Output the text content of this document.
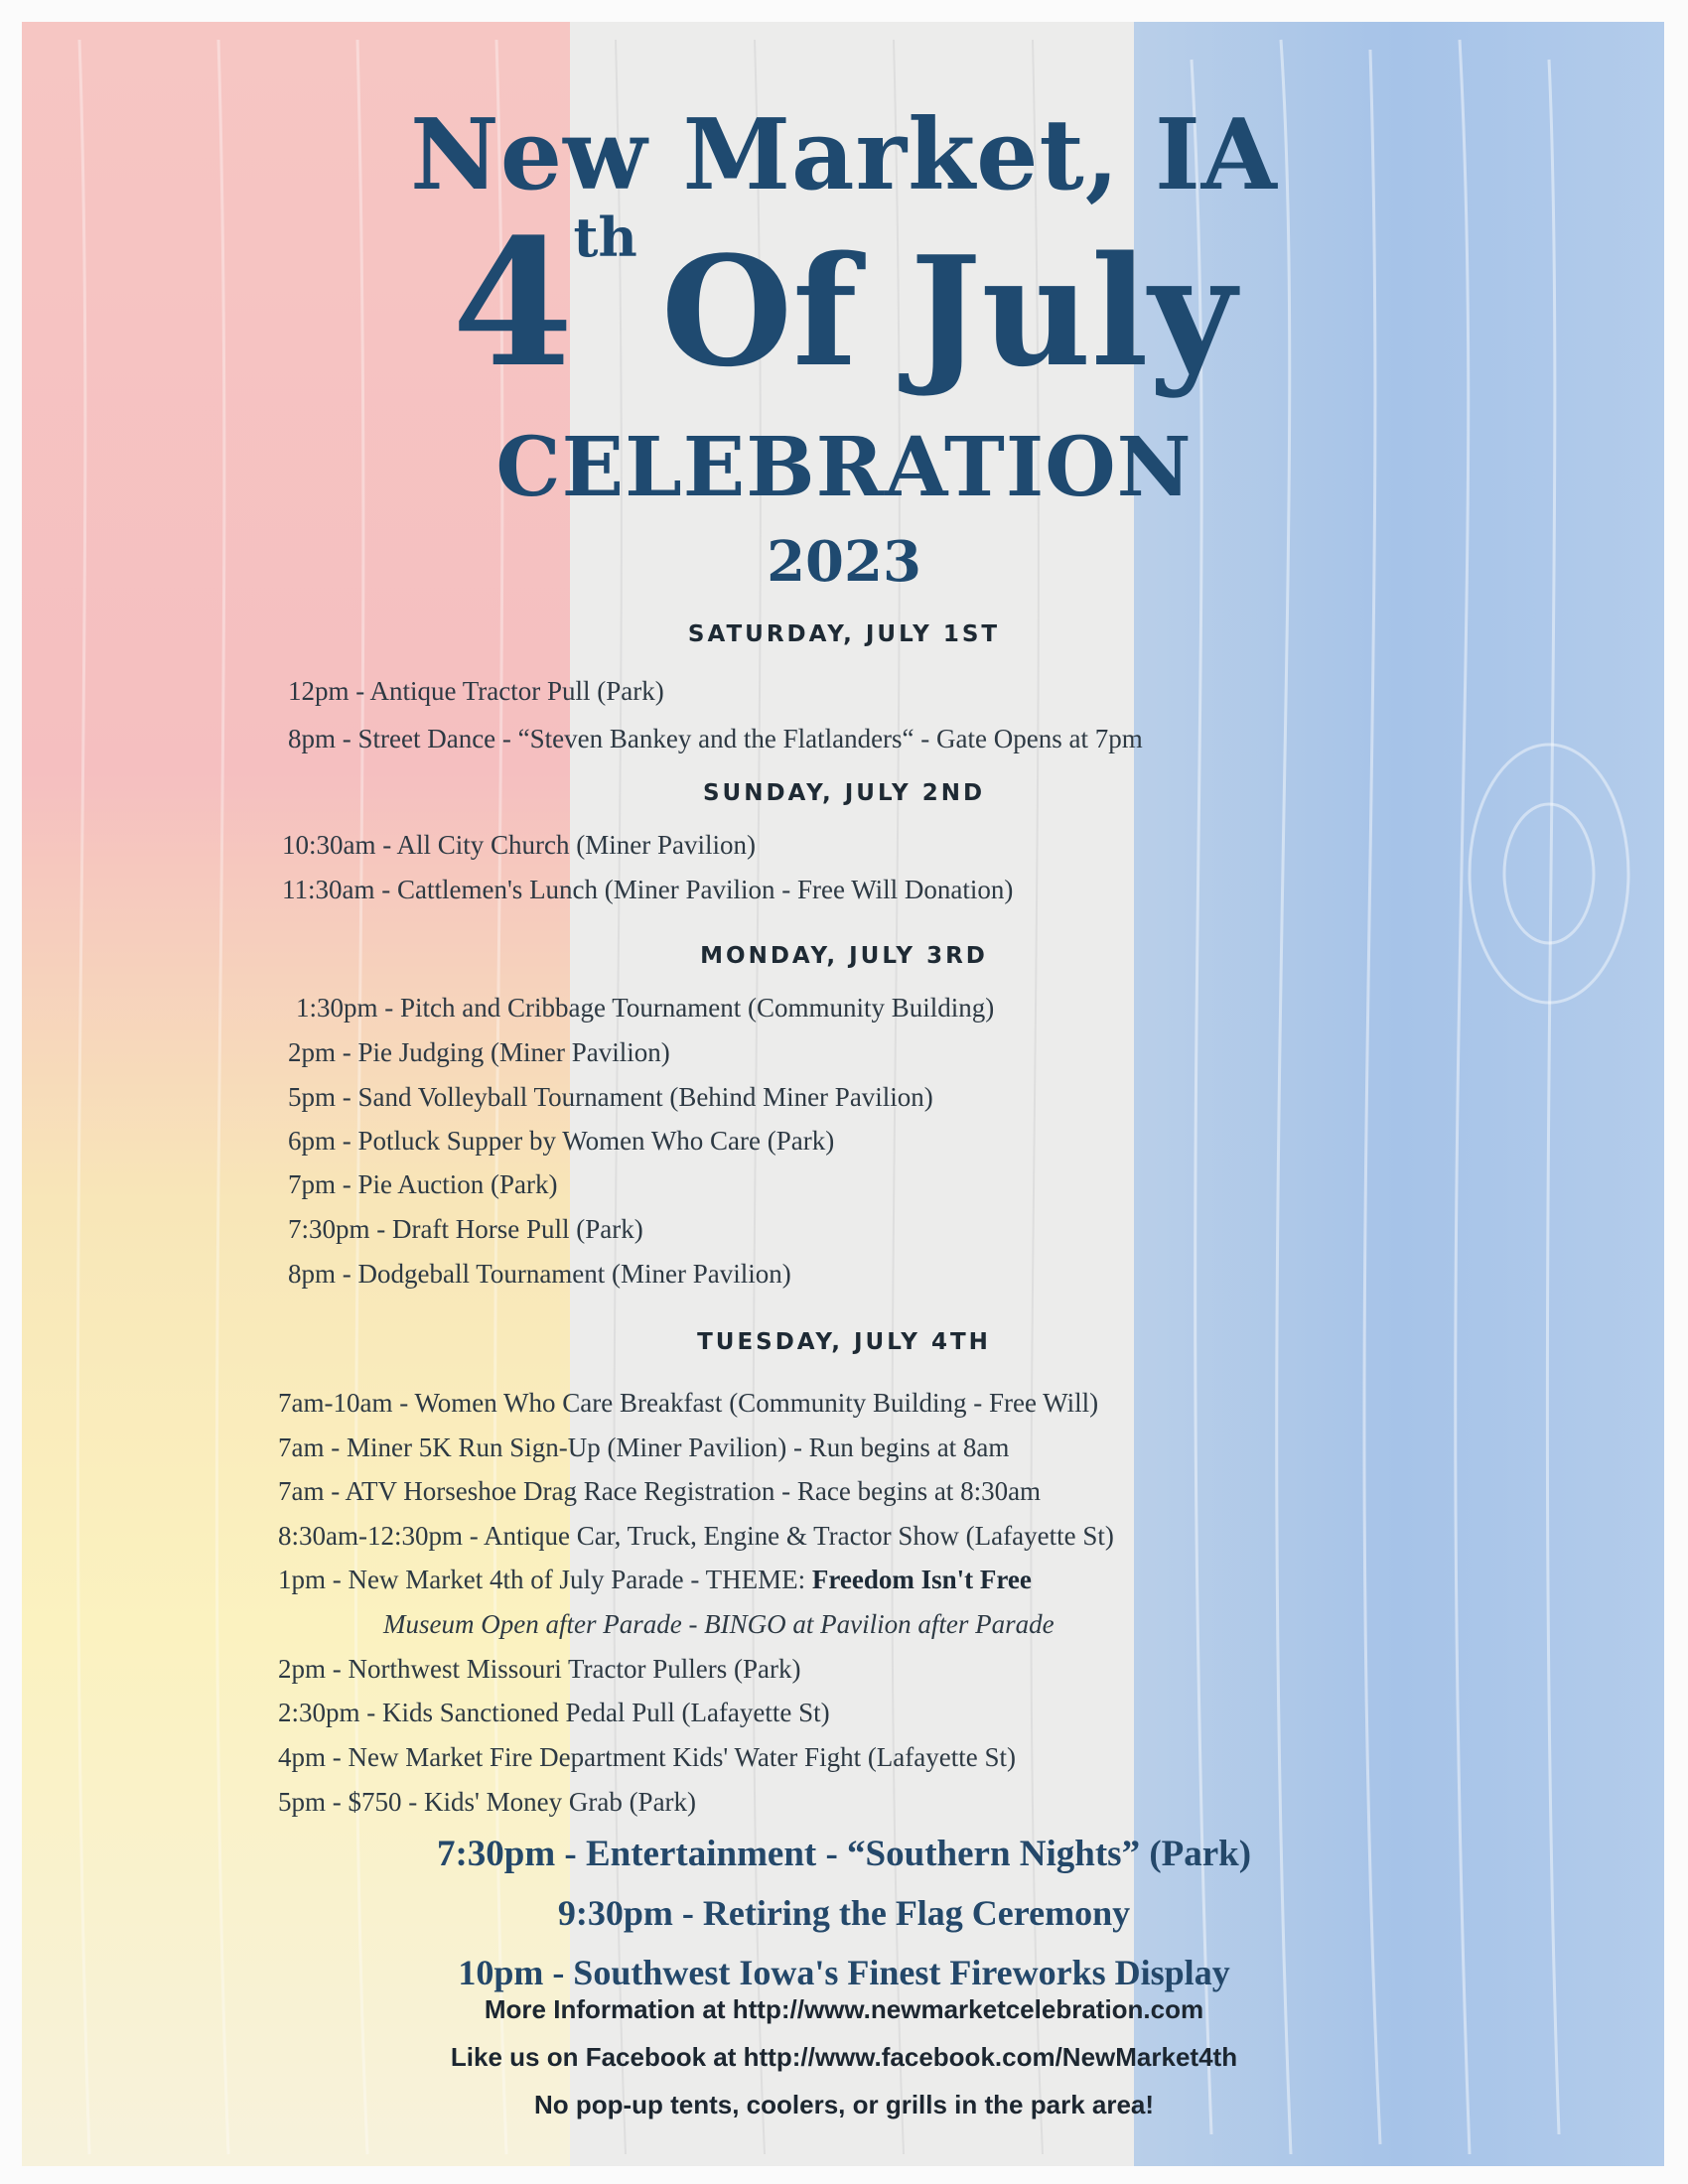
New Market, IA
4th Of July
CELEBRATION
2023
SATURDAY, JULY 1ST
12pm - Antique Tractor Pull (Park)
8pm - Street Dance - “Steven Bankey and the Flatlanders“ - Gate Opens at 7pm
SUNDAY, JULY 2ND
10:30am - All City Church (Miner Pavilion)
11:30am - Cattlemen's Lunch (Miner Pavilion - Free Will Donation)
MONDAY, JULY 3RD
1:30pm - Pitch and Cribbage Tournament (Community Building)
2pm - Pie Judging (Miner Pavilion)
5pm - Sand Volleyball Tournament (Behind Miner Pavilion)
6pm - Potluck Supper by Women Who Care (Park)
7pm - Pie Auction (Park)
7:30pm - Draft Horse Pull (Park)
8pm - Dodgeball Tournament (Miner Pavilion)
TUESDAY, JULY 4TH
7am-10am - Women Who Care Breakfast (Community Building - Free Will)
7am - Miner 5K Run Sign-Up (Miner Pavilion) - Run begins at 8am
7am - ATV Horseshoe Drag Race Registration - Race begins at 8:30am
8:30am-12:30pm - Antique Car, Truck, Engine & Tractor Show (Lafayette St)
1pm - New Market 4th of July Parade - THEME: Freedom Isn't Free
Museum Open after Parade - BINGO at Pavilion after Parade
2pm - Northwest Missouri Tractor Pullers (Park)
2:30pm - Kids Sanctioned Pedal Pull (Lafayette St)
4pm - New Market Fire Department Kids' Water Fight (Lafayette St)
5pm - $750 - Kids' Money Grab (Park)
7:30pm - Entertainment - “Southern Nights” (Park)
9:30pm - Retiring the Flag Ceremony
10pm - Southwest Iowa's Finest Fireworks Display
More Information at http://www.newmarketcelebration.com
Like us on Facebook at http://www.facebook.com/NewMarket4th
No pop-up tents, coolers, or grills in the park area!
